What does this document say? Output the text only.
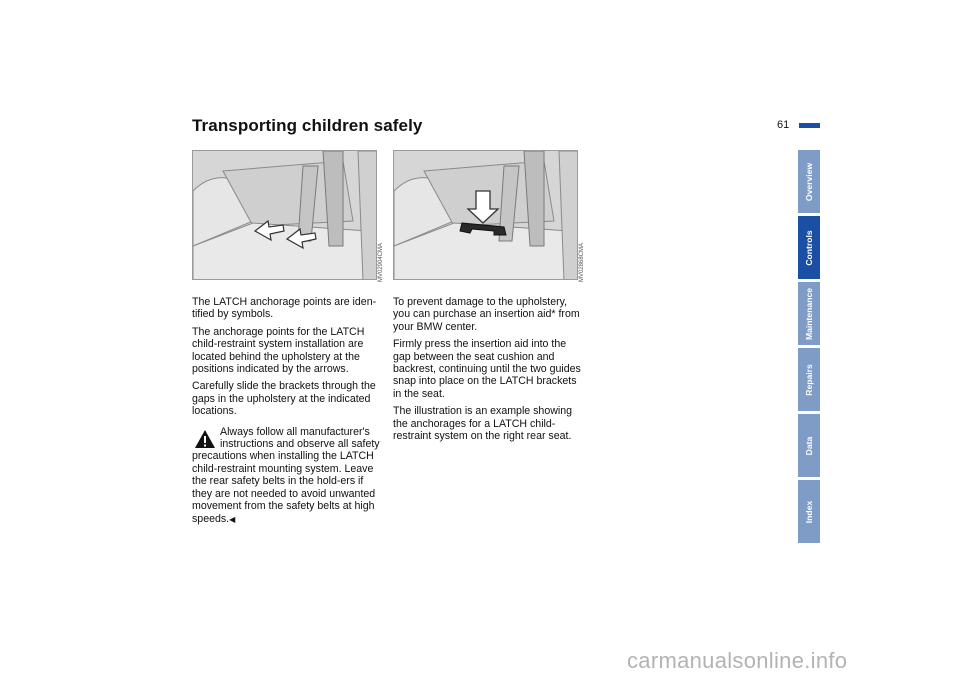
Transporting children safely	61
MV02904CMA	MV02868CMA

The LATCH anchorage points are iden-tified by symbols.

The anchorage points for the LATCH child-restraint system installation are located behind the upholstery at the positions indicated by the arrows.

Carefully slide the brackets through the gaps in the upholstery at the indicated locations.

Always follow all manufacturer's
instructions and observe all safety
precautions when installing the LATCH child-restraint mounting system. Leave the rear safety belts in the hold-ers if they are not needed to avoid unwanted movement from the safety belts at high speeds.◀

To prevent damage to the upholstery, you can purchase an insertion aid* from your BMW center.

Firmly press the insertion aid into the gap between the seat cushion and backrest, continuing until the two guides snap into place on the LATCH brackets in the seat.

The illustration is an example showing the anchorages for a LATCH child-restraint system on the right rear seat.

Overview
Controls
Maintenance
Repairs
Data
Index
carmanualsonline.info
